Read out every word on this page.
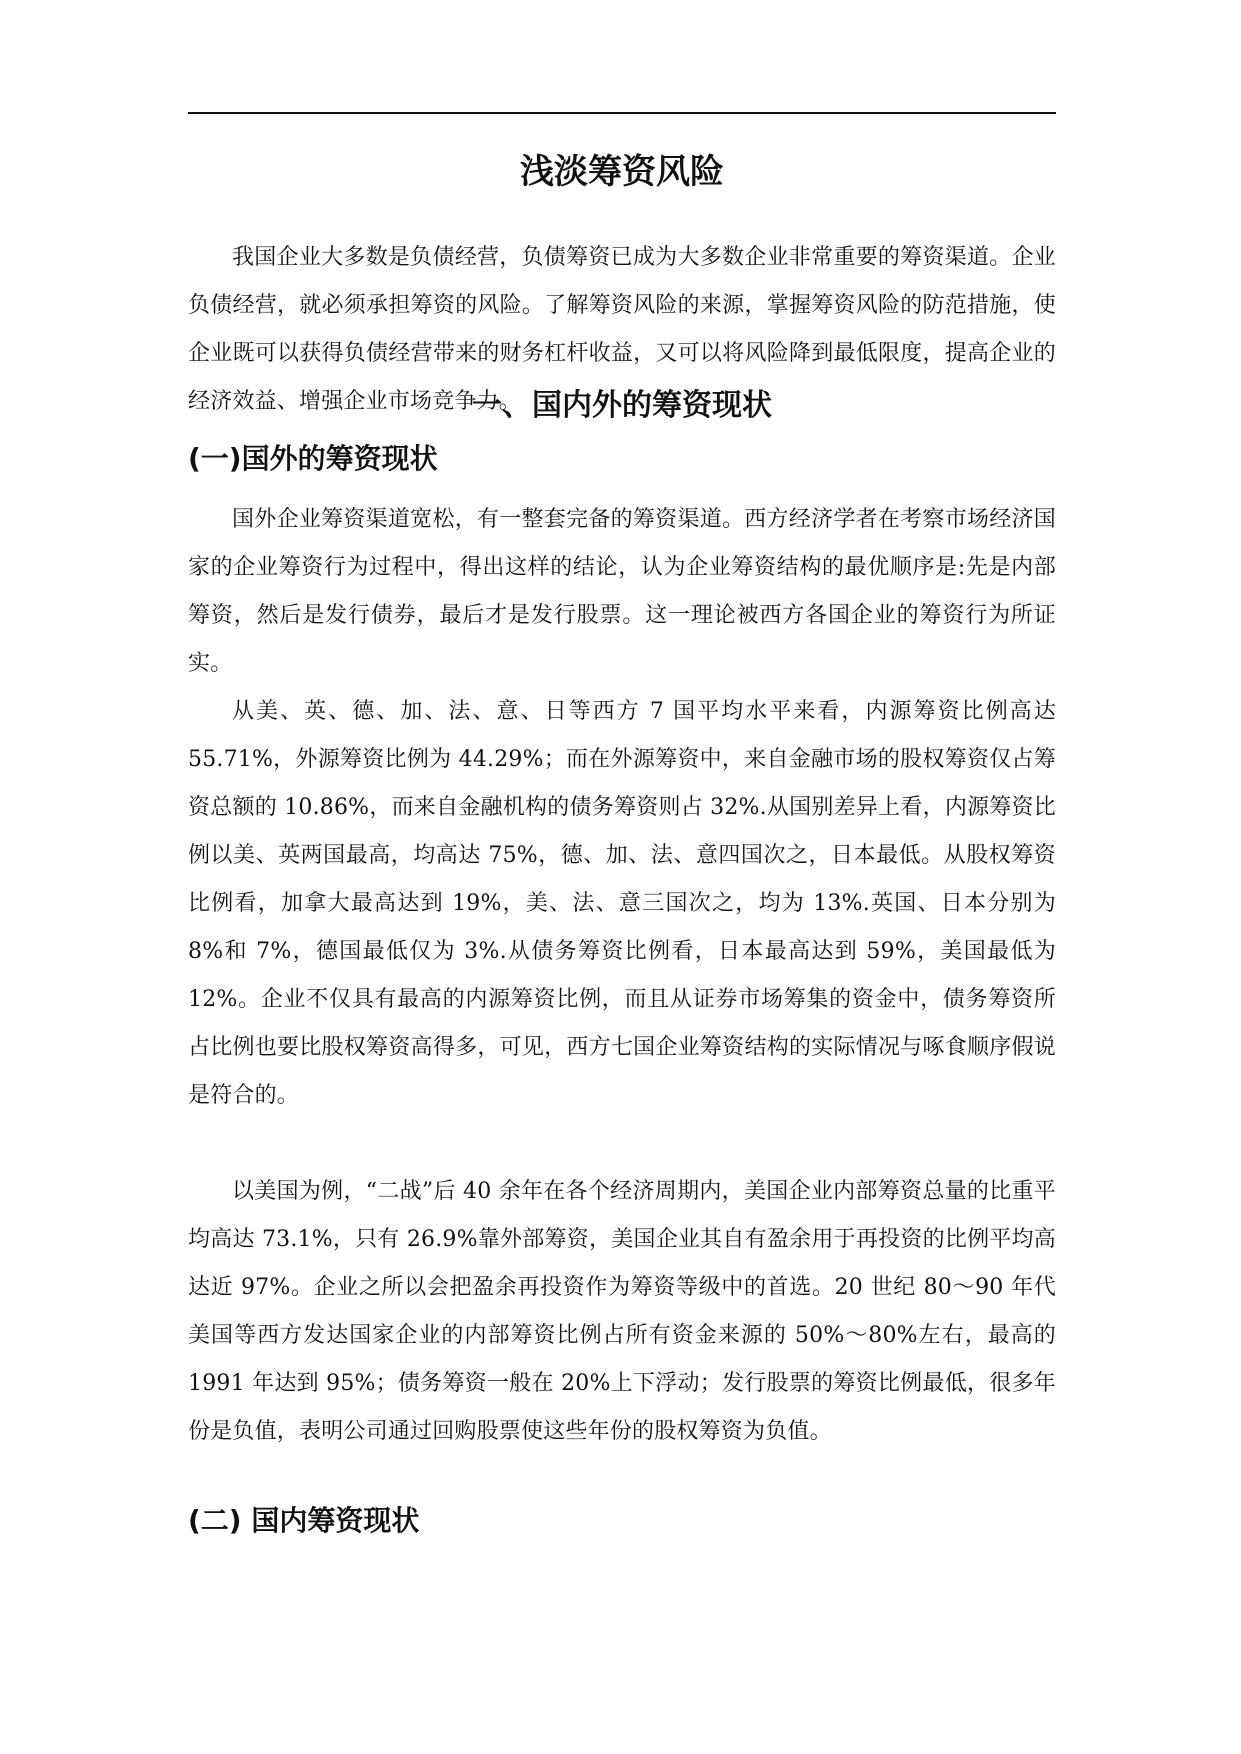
浅淡筹资风险

我国企业大多数是负债经营，负债筹资已成为大多数企业非常重要的筹资渠道。企业负债经营，就必须承担筹资的风险。了解筹资风险的来源，掌握筹资风险的防范措施，使企业既可以获得负债经营带来的财务杠杆收益，又可以将风险降到最低限度，提高企业的经济效益、增强企业市场竞争力。

一、国内外的筹资现状
(一)国外的筹资现状

国外企业筹资渠道宽松，有一整套完备的筹资渠道。西方经济学者在考察市场经济国家的企业筹资行为过程中，得出这样的结论，认为企业筹资结构的最优顺序是:先是内部筹资，然后是发行债券，最后才是发行股票。这一理论被西方各国企业的筹资行为所证实。

从美、英、德、加、法、意、日等西方 7 国平均水平来看，内源筹资比例高达 55.71%，外源筹资比例为 44.29%；而在外源筹资中，来自金融市场的股权筹资仅占筹资总额的 10.86%，而来自金融机构的债务筹资则占 32%.从国别差异上看，内源筹资比例以美、英两国最高，均高达 75%，德、加、法、意四国次之，日本最低。从股权筹资比例看，加拿大最高达到 19%，美、法、意三国次之，均为 13%.英国、日本分别为 8%和 7%，德国最低仅为 3%.从债务筹资比例看，日本最高达到 59%，美国最低为 12%。企业不仅具有最高的内源筹资比例，而且从证券市场筹集的资金中，债务筹资所占比例也要比股权筹资高得多，可见，西方七国企业筹资结构的实际情况与啄食顺序假说是符合的。

以美国为例，“二战”后 40 余年在各个经济周期内，美国企业内部筹资总量的比重平均高达 73.1%，只有 26.9%靠外部筹资，美国企业其自有盈余用于再投资的比例平均高达近 97%。企业之所以会把盈余再投资作为筹资等级中的首选。20 世纪 80～90 年代美国等西方发达国家企业的内部筹资比例占所有资金来源的 50%～80%左右，最高的 1991 年达到 95%；债务筹资一般在 20%上下浮动；发行股票的筹资比例最低，很多年份是负值，表明公司通过回购股票使这些年份的股权筹资为负值。

(二) 国内筹资现状
